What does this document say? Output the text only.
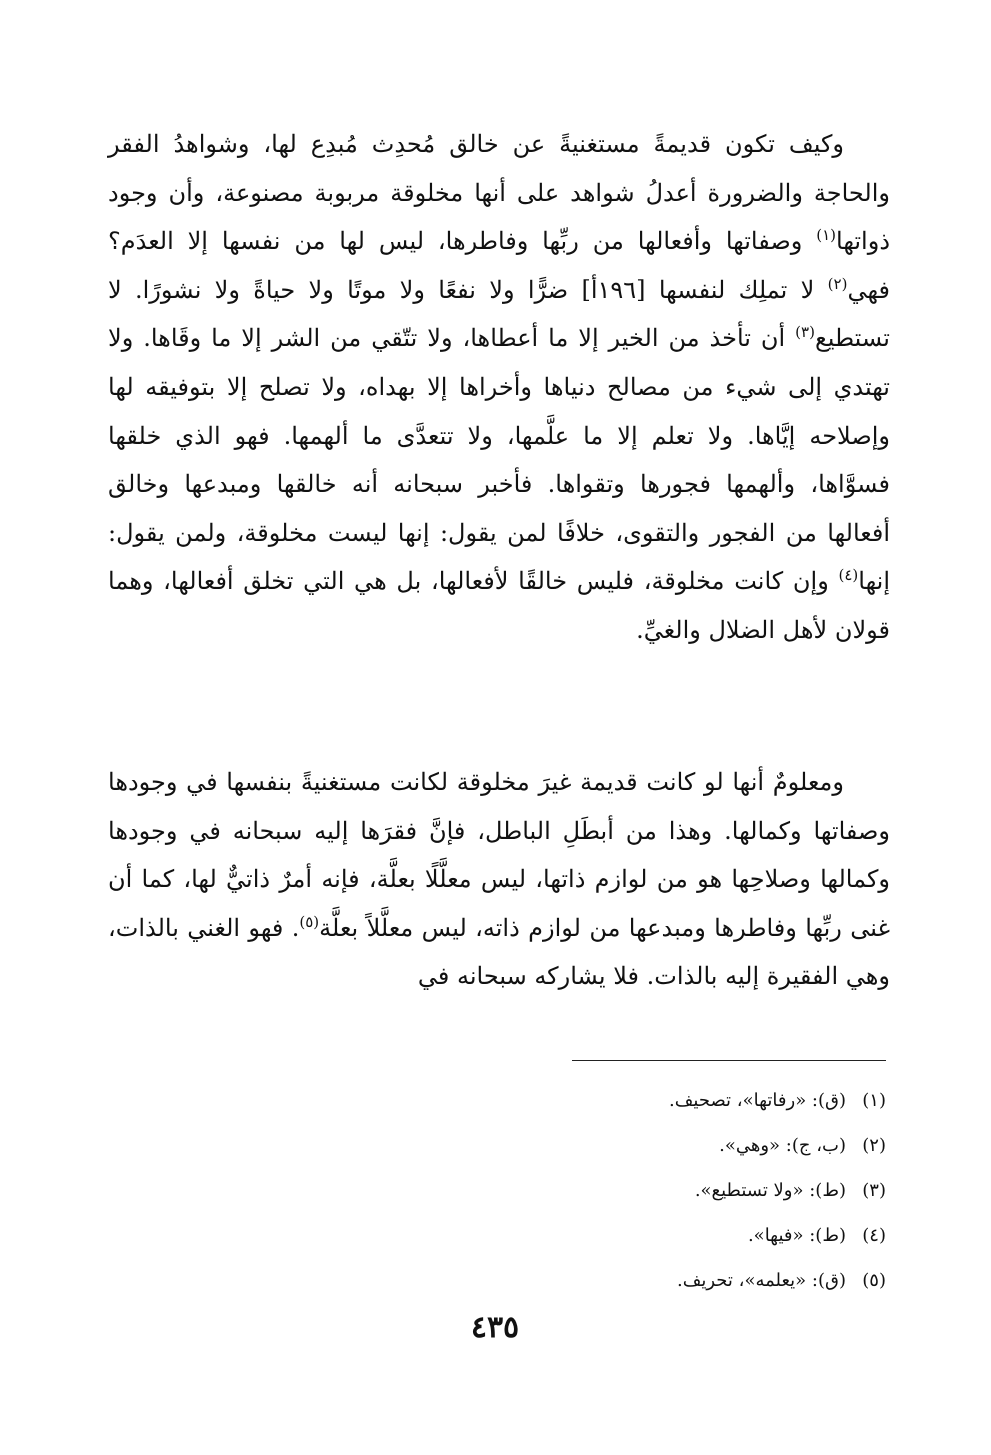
وكيف تكون قديمةً مستغنيةً عن خالق مُحدِث مُبدِع لها، وشواهدُ الفقر والحاجة والضرورة أعدلُ شواهد على أنها مخلوقة مربوبة مصنوعة، وأن وجود ذواتها$^{(١)}$ وصفاتها وأفعالها من ربِّها وفاطرها، ليس لها من نفسها إلا العدَم؟ فهي$^{(٢)}$ لا تملِك لنفسها [١٩٦أ] ضرًّا ولا نفعًا ولا موتًا ولا حياةً ولا نشورًا. لا تستطيع$^{(٣)}$ أن تأخذ من الخير إلا ما أعطاها، ولا تتّقي من الشر إلا ما وقَاها. ولا تهتدي إلى شيء من مصالح دنياها وأخراها إلا بهداه، ولا تصلح إلا بتوفيقه لها وإصلاحه إيَّاها. ولا تعلم إلا ما علَّمها، ولا تتعدَّى ما ألهمها. فهو الذي خلقها فسوَّاها، وألهمها فجورها وتقواها. فأخبر سبحانه أنه خالقها ومبدعها وخالق أفعالها من الفجور والتقوى، خلافًا لمن يقول: إنها ليست مخلوقة، ولمن يقول: إنها$^{(٤)}$ وإن كانت مخلوقة، فليس خالقًا لأفعالها، بل هي التي تخلق أفعالها، وهما قولان لأهل الضلال والغيِّ.

ومعلومٌ أنها لو كانت قديمة غيرَ مخلوقة لكانت مستغنيةً بنفسها في وجودها وصفاتها وكمالها. وهذا من أبطَلِ الباطل، فإنَّ فقرَها إليه سبحانه في وجودها وكمالها وصلاحِها هو من لوازم ذاتها، ليس معلَّلًا بعلَّة، فإنه أمرٌ ذاتيٌّ لها، كما أن غنى ربِّها وفاطرها ومبدعها من لوازم ذاته، ليس معلَّلاً بعلَّة$^{(٥)}$. فهو الغني بالذات، وهي الفقيرة إليه بالذات. فلا يشاركه سبحانه في

(١)(ق): «رفاتها»، تصحيف.
(٢)(ب، ج): «وهي».
(٣)(ط): «ولا تستطيع».
(٤)(ط): «فيها».
(٥)(ق): «يعلمه»، تحريف.
٤٣٥
